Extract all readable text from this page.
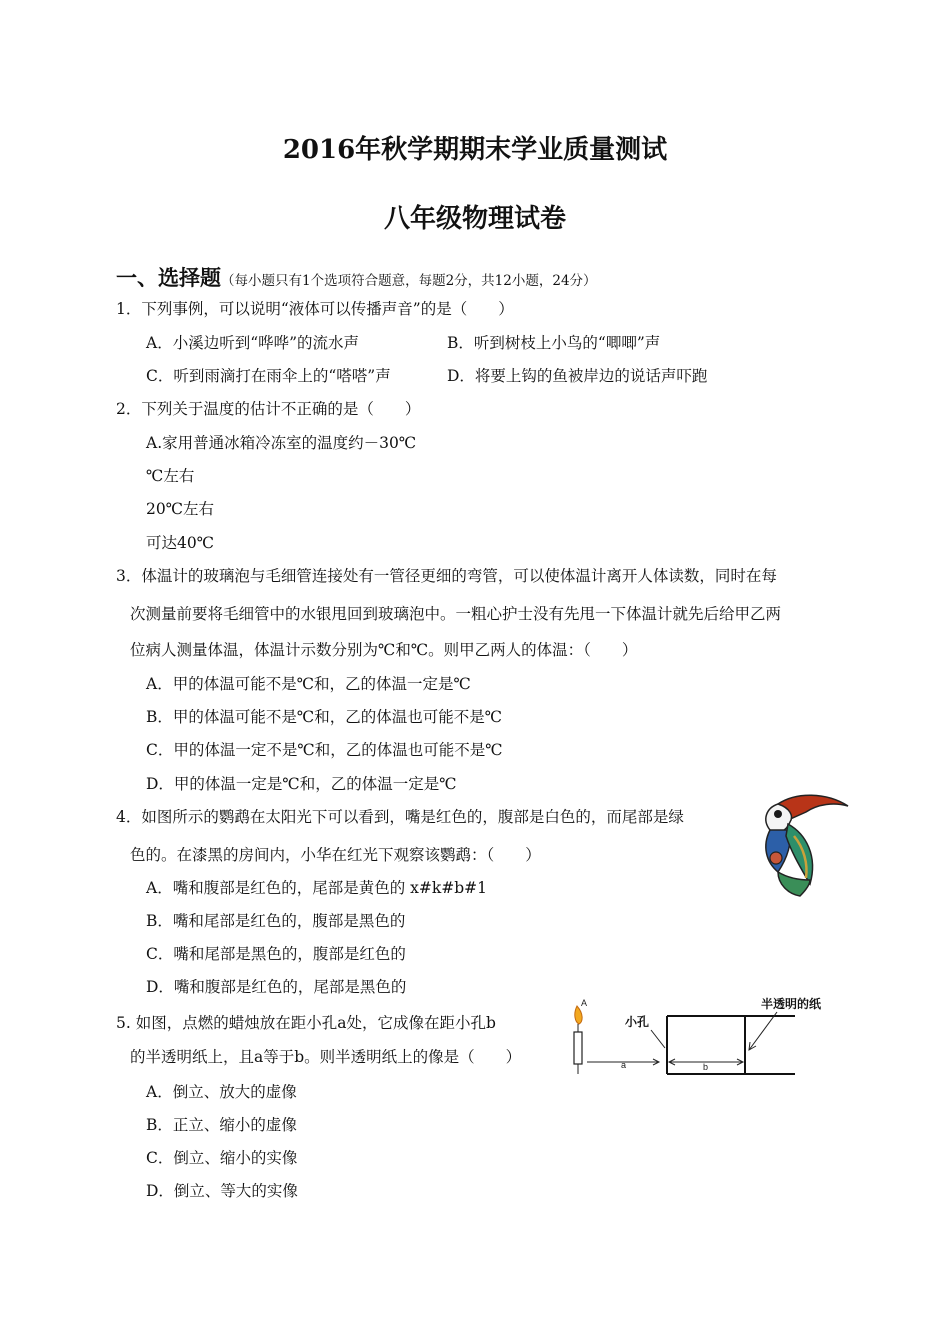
2016年秋学期期末学业质量测试
八年级物理试卷
一、选择题（每小题只有1个选项符合题意，每题2分，共12小题，24分）
1．下列事例，可以说明“液体可以传播声音”的是（　　）
A．小溪边听到“哗哗”的流水声	B．听到树枝上小鸟的“唧唧”声
C．听到雨滴打在雨伞上的“嗒嗒”声	D．将要上钩的鱼被岸边的说话声吓跑
2．下列关于温度的估计不正确的是（　　）
A.家用普通冰箱冷冻室的温度约－30℃
℃左右
20℃左右
可达40℃
3．体温计的玻璃泡与毛细管连接处有一管径更细的弯管，可以使体温计离开人体读数，同时在每
次测量前要将毛细管中的水银甩回到玻璃泡中。一粗心护士没有先甩一下体温计就先后给甲乙两
位病人测量体温，体温计示数分别为℃和℃。则甲乙两人的体温：（　　）
A．甲的体温可能不是℃和，乙的体温一定是℃
B．甲的体温可能不是℃和，乙的体温也可能不是℃
C．甲的体温一定不是℃和，乙的体温也可能不是℃
D．甲的体温一定是℃和，乙的体温一定是℃
4．如图所示的鹦鹉在太阳光下可以看到，嘴是红色的，腹部是白色的，而尾部是绿
色的。在漆黑的房间内，小华在红光下观察该鹦鹉：（　　）
A．嘴和腹部是红色的，尾部是黄色的 x#k#b#1
B．嘴和尾部是红色的，腹部是黑色的
C．嘴和尾部是黑色的，腹部是红色的
D．嘴和腹部是红色的，尾部是黑色的
5. 如图，点燃的蜡烛放在距小孔a处，它成像在距小孔b
的半透明纸上，且a等于b。则半透明纸上的像是（　　）
A．倒立、放大的虚像
B．正立、缩小的虚像
C．倒立、缩小的实像
D．倒立、等大的实像
A
a	b
小孔
半透明的纸
